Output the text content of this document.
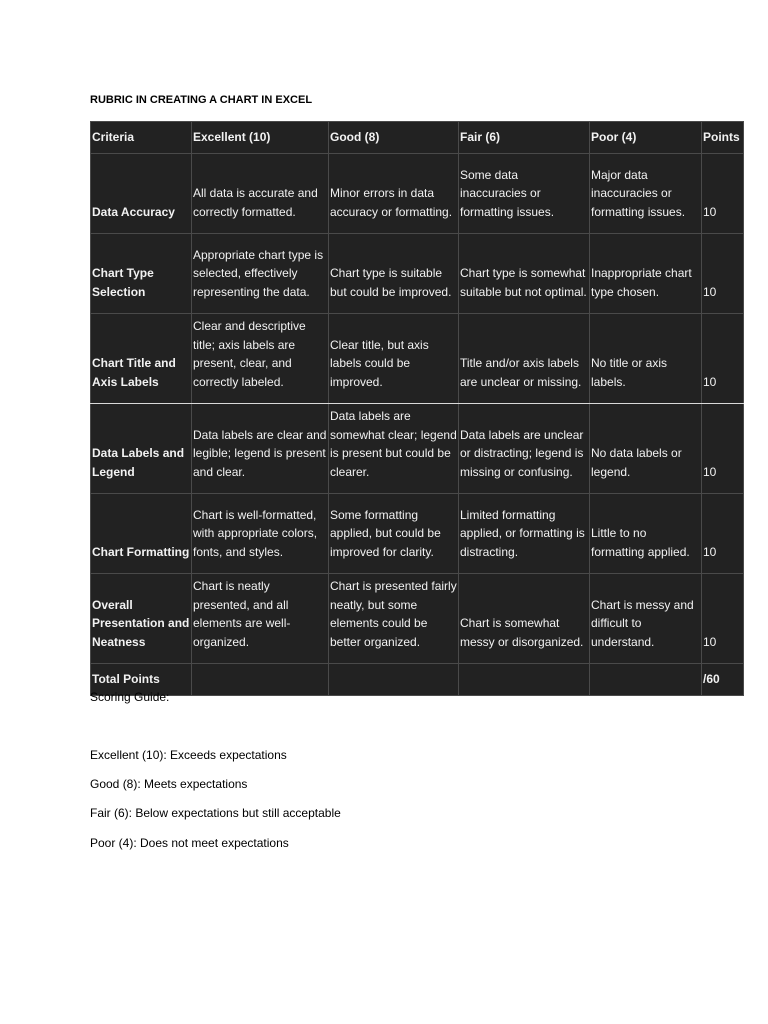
RUBRIC IN CREATING A CHART IN EXCEL
Criteria	Excellent (10)	Good (8)	Fair (6)	Poor (4)	Points
Data Accuracy	All data is accurate and correctly formatted.	Minor errors in data accuracy or formatting.	Some data inaccuracies or formatting issues.	Major data inaccuracies or formatting issues.	10
Chart Type Selection	Appropriate chart type is selected, effectively representing the data.	Chart type is suitable but could be improved.	Chart type is somewhat suitable but not optimal.	Inappropriate chart type chosen.	10
Chart Title and Axis Labels	Clear and descriptive title; axis labels are present, clear, and correctly labeled.	Clear title, but axis labels could be improved.	Title and/or axis labels are unclear or missing.	No title or axis labels.	10
Data Labels and Legend	Data labels are clear and legible; legend is present and clear.	Data labels are somewhat clear; legend is present but could be clearer.	Data labels are unclear or distracting; legend is missing or confusing.	No data labels or legend.	10
Chart Formatting	Chart is well-formatted, with appropriate colors, fonts, and styles.	Some formatting applied, but could be improved for clarity.	Limited formatting applied, or formatting is distracting.	Little to no formatting applied.	10
Overall Presentation and Neatness	Chart is neatly presented, and all elements are well-organized.	Chart is presented fairly neatly, but some elements could be better organized.	Chart is somewhat messy or disorganized.	Chart is messy and difficult to understand.	10
Total Points					/60
Scoring Guide:
Excellent (10): Exceeds expectations
Good (8): Meets expectations
Fair (6): Below expectations but still acceptable
Poor (4): Does not meet expectations
